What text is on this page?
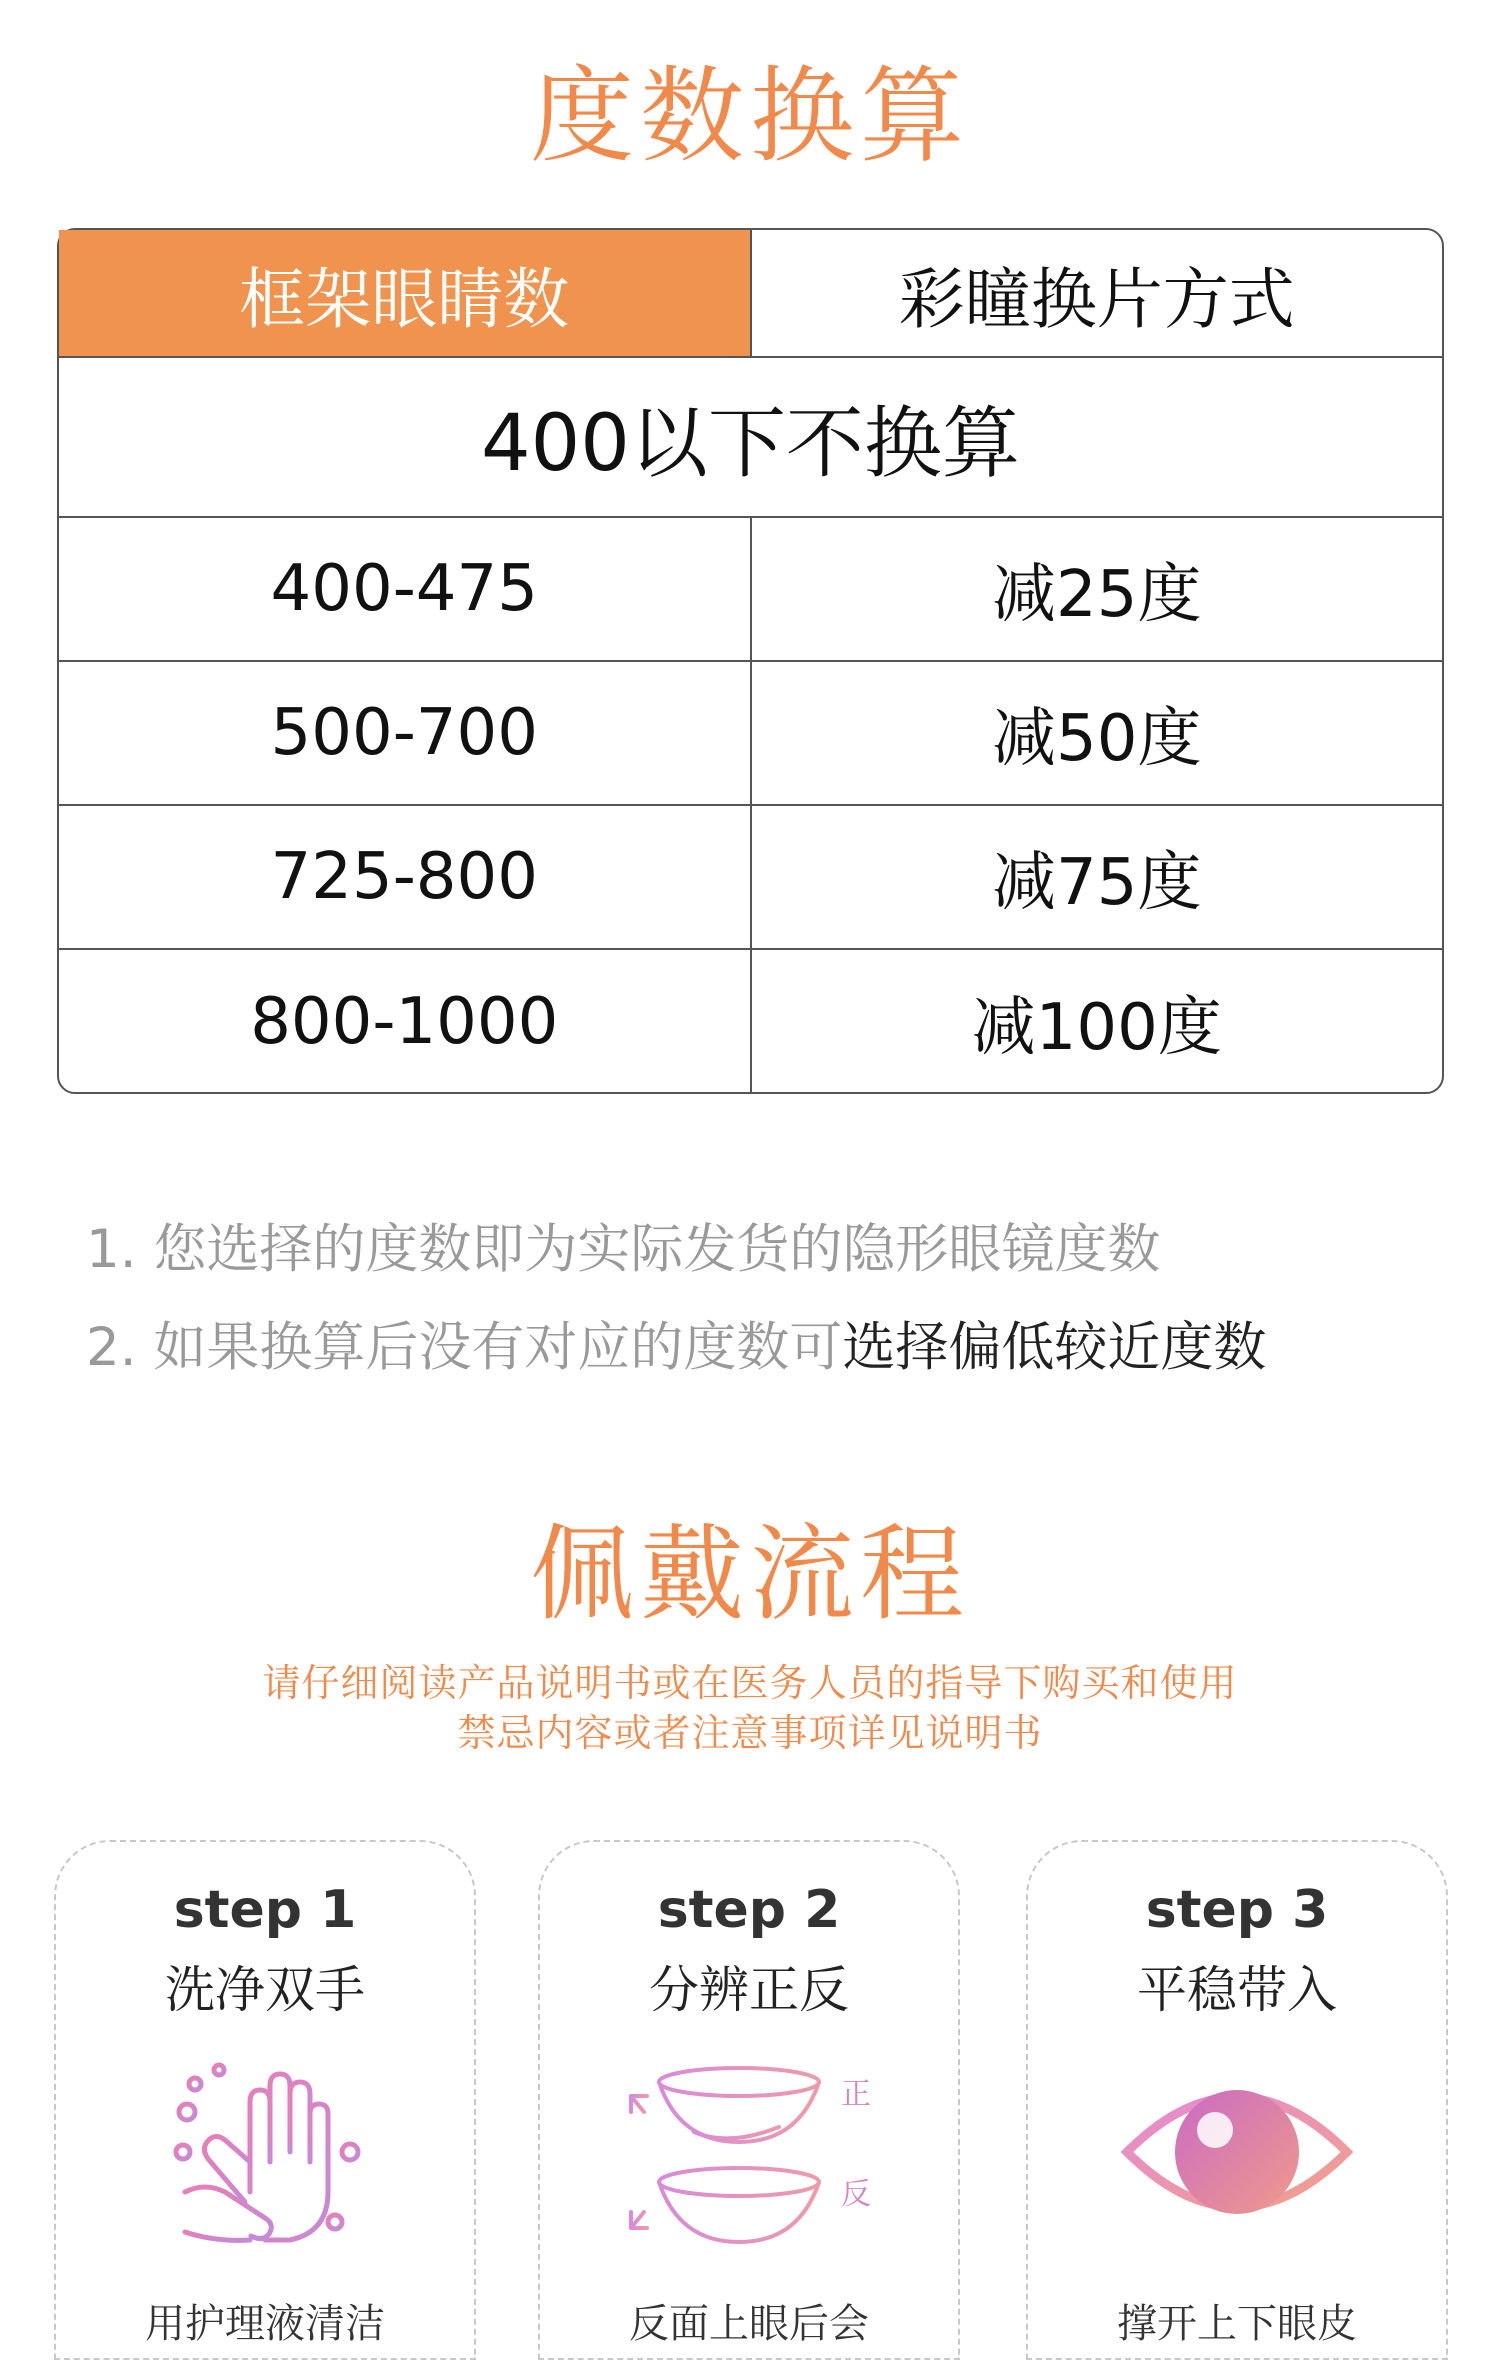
度数换算
框架眼睛数	彩瞳换片方式
400以下不换算
400-475	减25度
500-700	减50度
725-800	减75度
800-1000	减100度
1. 您选择的度数即为实际发货的隐形眼镜度数
2. 如果换算后没有对应的度数可选择偏低较近度数
佩戴流程
请仔细阅读产品说明书或在医务人员的指导下购买和使用
禁忌内容或者注意事项详见说明书
step 1
洗净双手
用护理液清洁
step 2
分辨正反
正
反
反面上眼后会
step 3
平稳带入
撑开上下眼皮
